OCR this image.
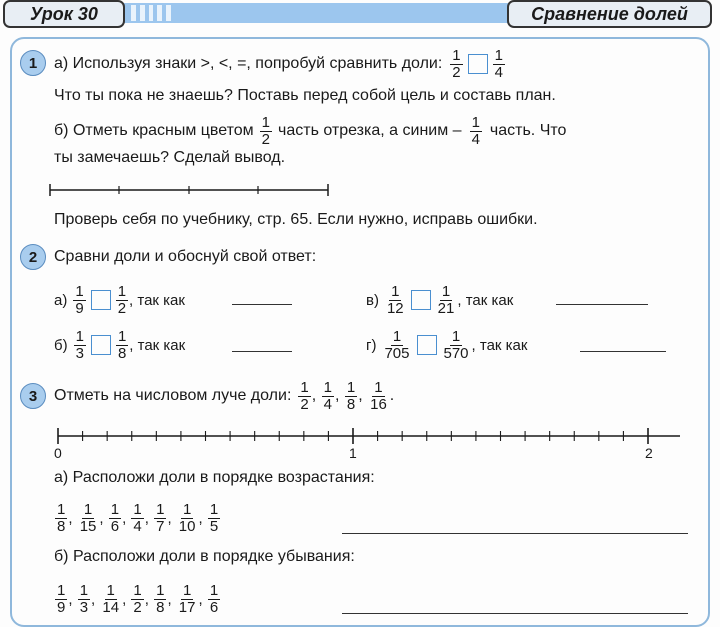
Урок 30	Сравнение долей
1	а) Используя знаки >, <, =, попробуй сравнить доли: $\frac{1}{2} \frac{1}{4}$
Что ты пока не знаешь? Поставь перед собой цель и составь план.
б) Отметь красным цветом $\frac{1}{2}$ часть отрезка, а синим – $\frac{1}{4}$ часть. Что
ты замечаешь? Сделай вывод.
Проверь себя по учебнику, стр. 65. Если нужно, исправь ошибки.
2	Сравни доли и обоснуй свой ответ:
$а) \frac{1}{9} \frac{1}{2}$ , так как	$в) \frac{1}{12} \frac{1}{21}$ , так как
$б) \frac{1}{3} \frac{1}{8}$ , так как	$г) \frac{1}{705} \frac{1}{570}$ , так как
3	Отметь на числовом луче доли: $\frac{1}{2}$ , $\frac{1}{4}$ , $\frac{1}{8}$ , $\frac{1}{16}$ .
0	1	2
а) Расположи доли в порядке возрастания:
$\frac{1}{8}$ , $\frac{1}{15}$ , $\frac{1}{6}$ , $\frac{1}{4}$ , $\frac{1}{7}$ , $\frac{1}{10}$ , $\frac{1}{5}$
б) Расположи доли в порядке убывания:
$\frac{1}{9}$ , $\frac{1}{3}$ , $\frac{1}{14}$ , $\frac{1}{2}$ , $\frac{1}{8}$ , $\frac{1}{17}$ , $\frac{1}{6}$
